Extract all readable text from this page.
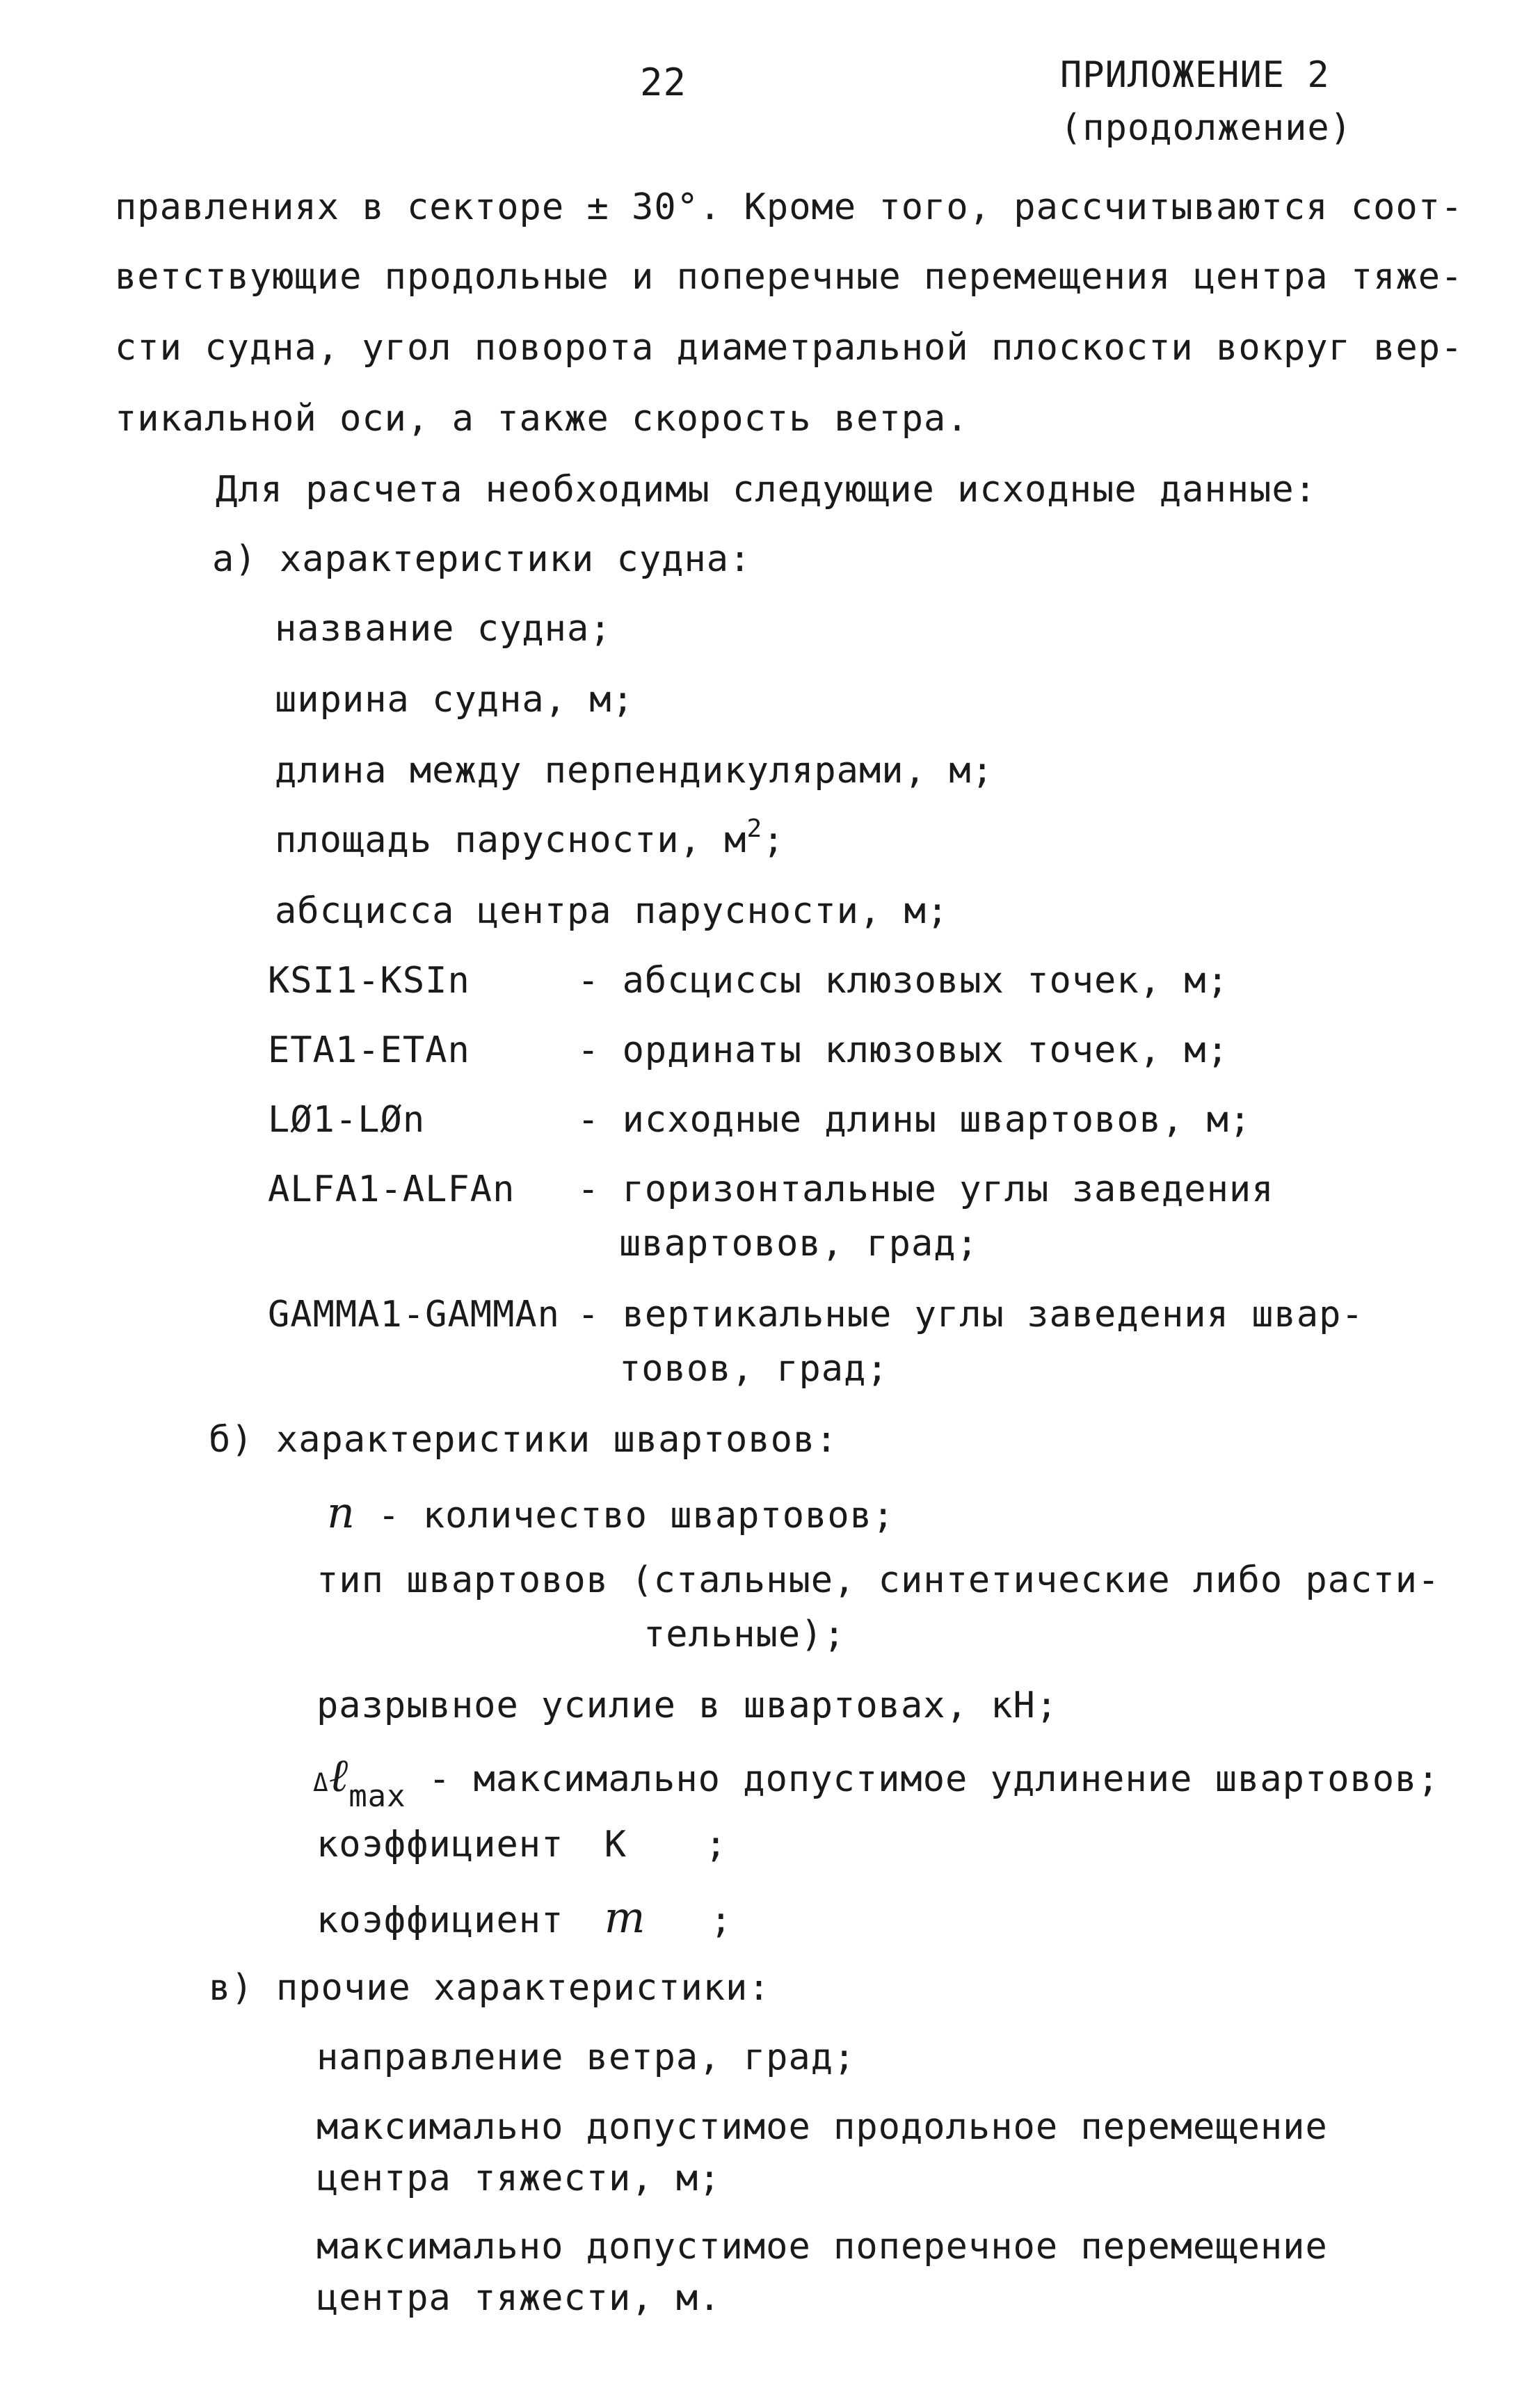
22	ПРИЛОЖЕНИЕ 2
(продолжение)
правлениях в секторе ± 30°. Кроме того, рассчитываются соот-
ветствующие продольные и поперечные перемещения центра тяже-
сти судна, угол поворота диаметральной плоскости вокруг вер-
тикальной оси, а также скорость ветра.
Для расчета необходимы следующие исходные данные:
а) характеристики судна:
название судна;
ширина судна, м;
длина между перпендикулярами, м;
площадь парусности, $м^2$;
абсцисса центра парусности, м;
KSI1-KSIn	- абсциссы клюзовых точек, м;
ETA1-ETAn	- ординаты клюзовых точек, м;
LØ1-LØn	- исходные длины швартовов, м;
ALFA1-ALFAn - горизонтальные углы заведения
швартовов, град;
GAMMA1-GAMMAn - вертикальные углы заведения швар-
товов, град;
б) характеристики швартовов:
n - количество швартовов;
тип швартовов (стальные, синтетические либо расти-
тельные);
разрывное усилие в швартовах, кН;
Δℓ$_{max}$ - максимально допустимое удлинение швартовов;
коэффициент K ;
коэффициент m ;
в) прочие характеристики:
направление ветра, град;
максимально допустимое продольное перемещение
центра тяжести, м;
максимально допустимое поперечное перемещение
центра тяжести, м.
